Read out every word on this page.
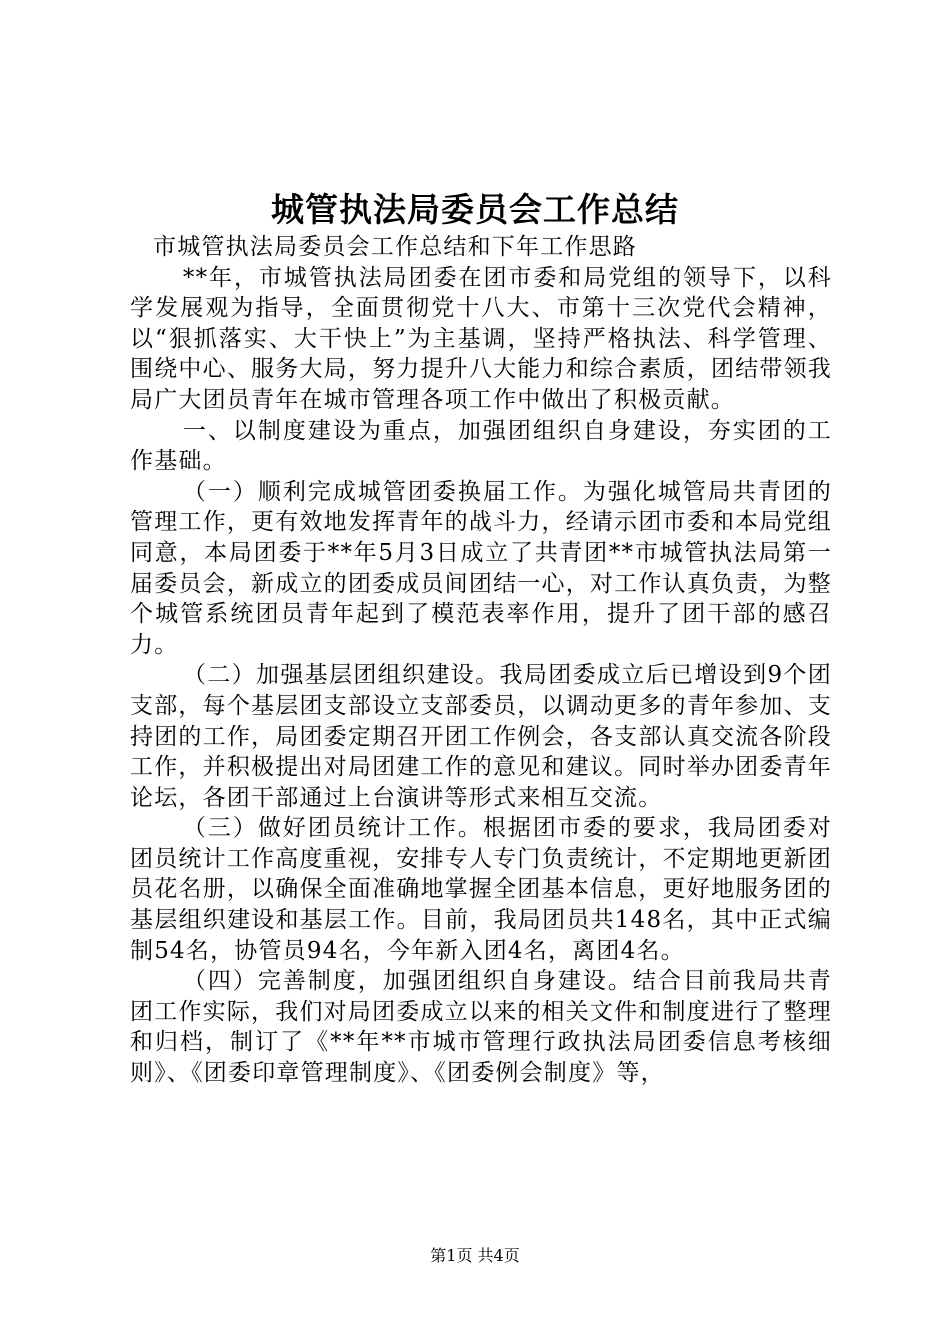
城管执法局委员会工作总结

市城管执法局委员会工作总结和下年工作思路

**年，市城管执法局团委在团市委和局党组的领导下，以科学发展观为指导，全面贯彻党十八大、市第十三次党代会精神，以“狠抓落实、大干快上”为主基调，坚持严格执法、科学管理、围绕中心、服务大局，努力提升八大能力和综合素质，团结带领我局广大团员青年在城市管理各项工作中做出了积极贡献。

一、以制度建设为重点，加强团组织自身建设，夯实团的工作基础。

（一）顺利完成城管团委换届工作。为强化城管局共青团的管理工作，更有效地发挥青年的战斗力，经请示团市委和本局党组同意，本局团委于**年5月3日成立了共青团**市城管执法局第一届委员会，新成立的团委成员间团结一心，对工作认真负责，为整个城管系统团员青年起到了模范表率作用，提升了团干部的感召力。

（二）加强基层团组织建设。我局团委成立后已增设到9个团支部，每个基层团支部设立支部委员，以调动更多的青年参加、支持团的工作，局团委定期召开团工作例会，各支部认真交流各阶段工作，并积极提出对局团建工作的意见和建议。同时举办团委青年论坛，各团干部通过上台演讲等形式来相互交流。

（三）做好团员统计工作。根据团市委的要求，我局团委对团员统计工作高度重视，安排专人专门负责统计，不定期地更新团员花名册，以确保全面准确地掌握全团基本信息，更好地服务团的基层组织建设和基层工作。目前，我局团员共148名，其中正式编制54名，协管员94名，今年新入团4名，离团4名。

（四）完善制度，加强团组织自身建设。结合目前我局共青团工作实际，我们对局团委成立以来的相关文件和制度进行了整理和归档，制订了《**年**市城市管理行政执法局团委信息考核细则》、《团委印章管理制度》、《团委例会制度》等，

第1页 共4页
